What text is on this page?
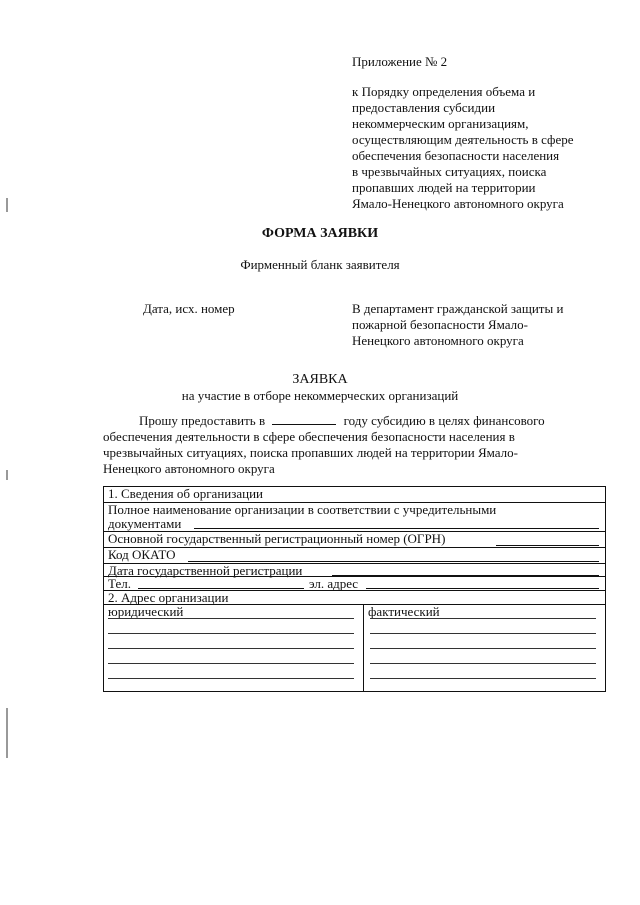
Приложение № 2
к Порядку определения объема и
предоставления субсидии
некоммерческим организациям,
осуществляющим деятельность в сфере
обеспечения безопасности населения
в чрезвычайных ситуациях, поиска
пропавших людей на территории
Ямало-Ненецкого автономного округа
ФОРМА ЗАЯВКИ
Фирменный бланк заявителя
Дата, исх. номер	В департамент гражданской защиты и
пожарной безопасности Ямало-
Ненецкого автономного округа
ЗАЯВКА
на участие в отборе некоммерческих организаций
Прошу предоставить в	году субсидию в целях финансового
обеспечения деятельности в сфере обеспечения безопасности населения в
чрезвычайных ситуациях, поиска пропавших людей на территории Ямало-
Ненецкого автономного округа
1. Сведения об организации
Полное наименование организации в соответствии с учредительными
документами
Основной государственный регистрационный номер (ОГРН)
Код ОКАТО
Дата государственной регистрации
Тел.	эл. адрес
2. Адрес организации
юридический	фактический
